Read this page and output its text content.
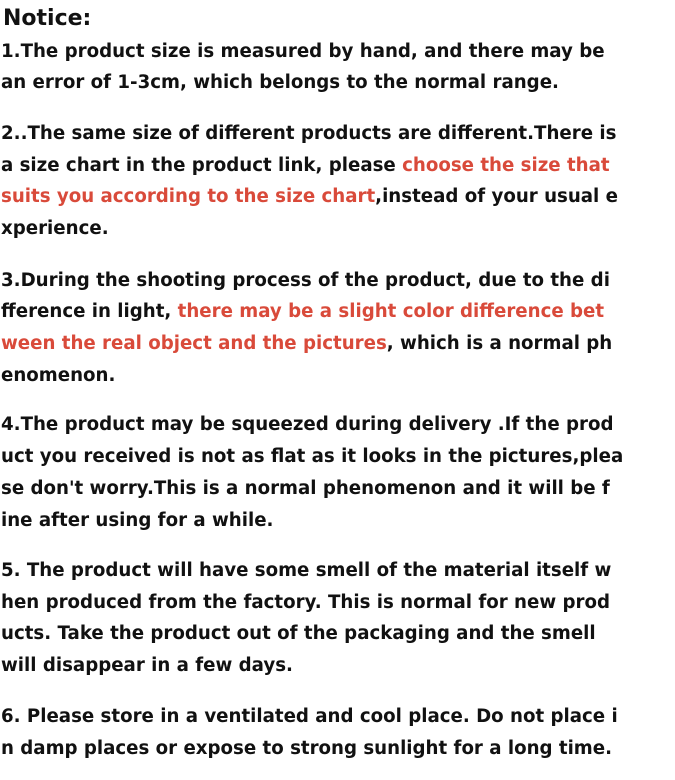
Notice:
1.The product size is measured by hand, and there may be
an error of 1-3cm, which belongs to the normal range.
2..The same size of different products are different.There is
a size chart in the product link, please choose the size that
suits you according to the size chart,instead of your usual e
xperience.
3.During the shooting process of the product, due to the di
fference in light, there may be a slight color difference bet
ween the real object and the pictures, which is a normal ph
enomenon.
4.The product may be squeezed during delivery .If the prod
uct you received is not as flat as it looks in the pictures,plea
se don't worry.This is a normal phenomenon and it will be f
ine after using for a while.
5. The product will have some smell of the material itself w
hen produced from the factory. This is normal for new prod
ucts. Take the product out of the packaging and the smell
will disappear in a few days.
6. Please store in a ventilated and cool place. Do not place i
n damp places or expose to strong sunlight for a long time.
